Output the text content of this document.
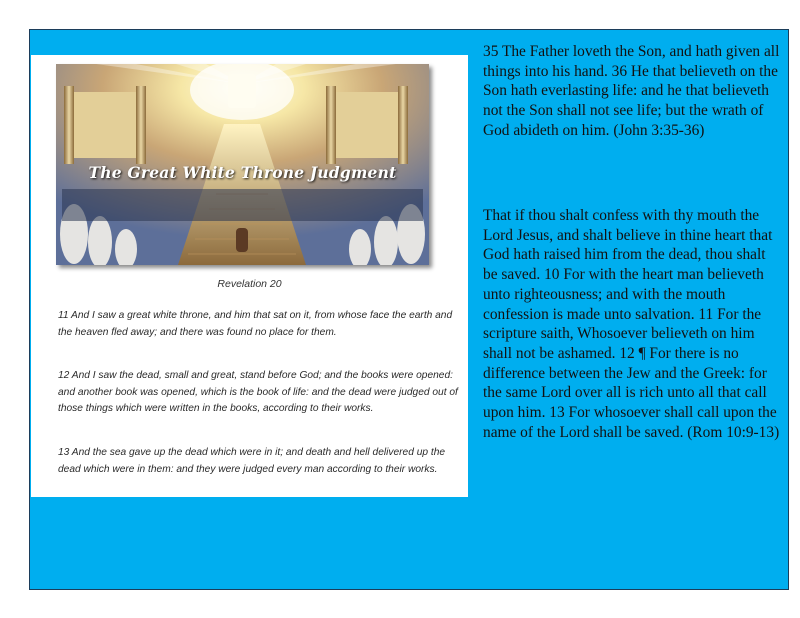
The Great White Throne Judgment
Revelation 20

11 And I saw a great white throne, and him that sat on it, from whose face the earth and the heaven fled away; and there was found no place for them.

12 And I saw the dead, small and great, stand before God; and the books were opened: and another book was opened, which is the book of life: and the dead were judged out of those things which were written in the books, according to their works.

13 And the sea gave up the dead which were in it; and death and hell delivered up the dead which were in them: and they were judged every man according to their works.

35 The Father loveth the Son, and hath given all things into his hand. 36 He that believeth on the Son hath everlasting life: and he that believeth not the Son shall not see life; but the wrath of God abideth on him. (John 3:35-36)

That if thou shalt confess with thy mouth the Lord Jesus, and shalt believe in thine heart that God hath raised him from the dead, thou shalt be saved. 10 For with the heart man believeth unto righteousness; and with the mouth confession is made unto salvation. 11 For the scripture saith, Whosoever believeth on him shall not be ashamed. 12 ¶ For there is no difference between the Jew and the Greek: for the same Lord over all is rich unto all that call upon him. 13 For whosoever shall call upon the name of the Lord shall be saved. (Rom 10:9-13)
